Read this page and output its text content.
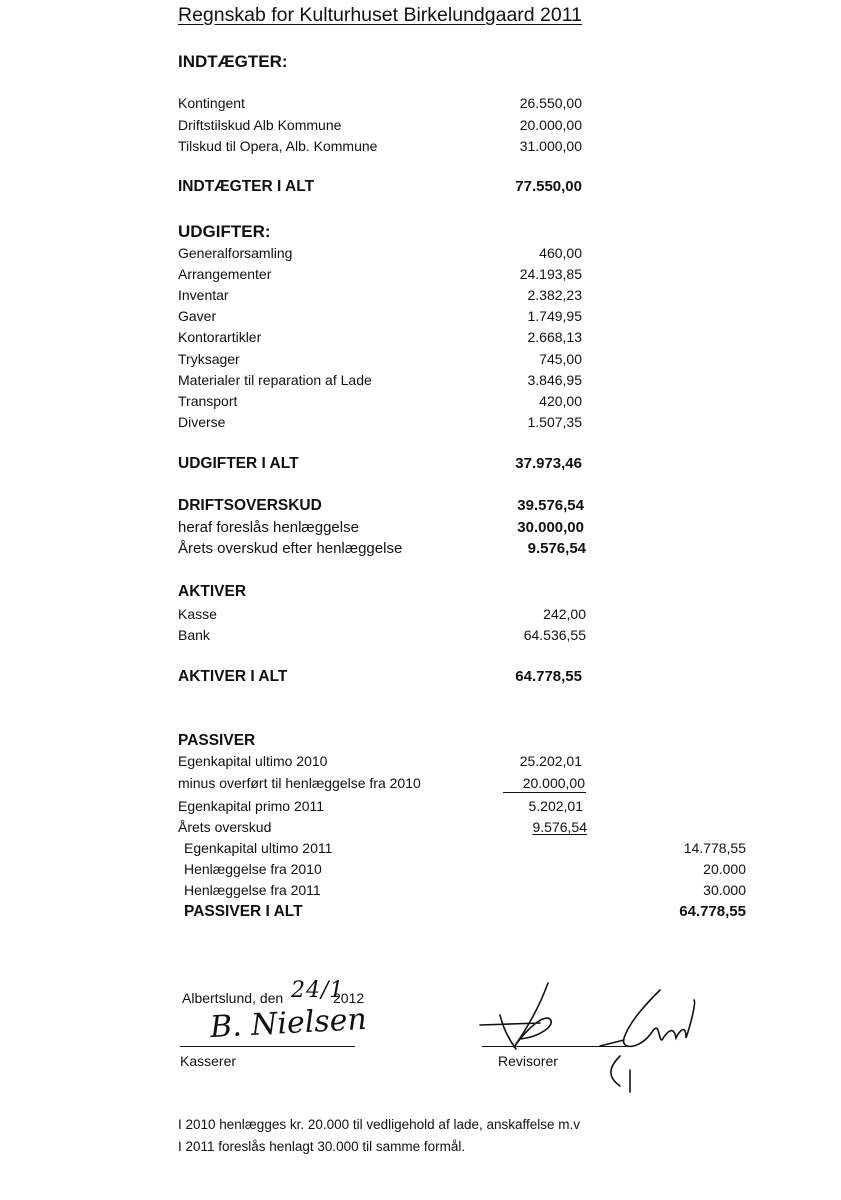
Regnskab for Kulturhuset Birkelundgaard 2011
INDTÆGTER:
Kontingent	26.550,00
Driftstilskud Alb Kommune	20.000,00
Tilskud til Opera, Alb. Kommune	31.000,00
INDTÆGTER I ALT	77.550,00
UDGIFTER:
Generalforsamling	460,00
Arrangementer	24.193,85
Inventar	2.382,23
Gaver	1.749,95
Kontorartikler	2.668,13
Tryksager	745,00
Materialer til reparation af Lade	3.846,95
Transport	420,00
Diverse	1.507,35
UDGIFTER I ALT	37.973,46
DRIFTSOVERSKUD	39.576,54
heraf foreslås henlæggelse	30.000,00
Årets overskud efter henlæggelse	9.576,54
AKTIVER
Kasse	242,00
Bank	64.536,55
AKTIVER I ALT	64.778,55
PASSIVER
Egenkapital ultimo 2010	25.202,01
minus overført til henlæggelse fra 2010	20.000,00
Egenkapital primo 2011	5.202,01
Årets overskud	9.576,54
Egenkapital ultimo 2011	14.778,55
Henlæggelse fra 2010	20.000
Henlæggelse fra 2011	30.000
PASSIVER I ALT	64.778,55
Albertslund, den 24/1
2012
B. Nielsen
Kasserer	Revisorer
I 2010 henlægges kr. 20.000 til vedligehold af lade, anskaffelse m.v
I 2011 foreslås henlagt 30.000 til samme formål.
